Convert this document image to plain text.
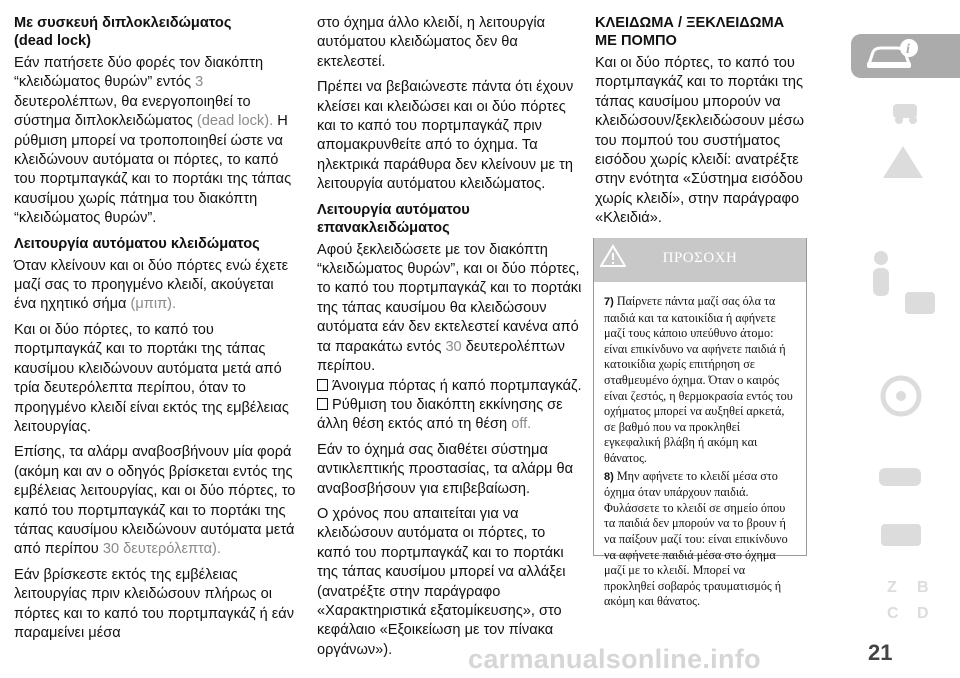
Με συσκευή διπλοκλειδώματος
(dead lock)

Εάν πατήσετε δύο φορές τον διακόπτη “κλειδώματος θυρών” εντός 3 δευτερολέπτων, θα ενεργοποιηθεί το σύστημα διπλοκλειδώματος (dead lock). Η ρύθμιση μπορεί να τροποποιηθεί ώστε να κλειδώνουν αυτόματα οι πόρτες, το καπό του πορτμπαγκάζ και το πορτάκι της τάπας καυσίμου χωρίς πάτημα του διακόπτη “κλειδώματος θυρών”.

Λειτουργία αυτόματου κλειδώματος

Όταν κλείνουν και οι δύο πόρτες ενώ έχετε μαζί σας το προηγμένο κλειδί, ακούγεται ένα ηχητικό σήμα (μπιπ).

Και οι δύο πόρτες, το καπό του πορτμπαγκάζ και το πορτάκι της τάπας καυσίμου κλειδώνουν αυτόματα μετά από τρία δευτερόλεπτα περίπου, όταν το προηγμένο κλειδί είναι εκτός της εμβέλειας λειτουργίας.

Επίσης, τα αλάρμ αναβοσβήνουν μία φορά (ακόμη και αν ο οδηγός βρίσκεται εντός της εμβέλειας λειτουργίας, και οι δύο πόρτες, το καπό του πορτμπαγκάζ και το πορτάκι της τάπας καυσίμου κλειδώνουν αυτόματα μετά από περίπου 30 δευτερόλεπτα).

Εάν βρίσκεστε εκτός της εμβέλειας λειτουργίας πριν κλειδώσουν πλήρως οι πόρτες και το καπό του πορτμπαγκάζ ή εάν παραμείνει μέσα

στο όχημα άλλο κλειδί, η λειτουργία αυτόματου κλειδώματος δεν θα εκτελεστεί.

Πρέπει να βεβαιώνεστε πάντα ότι έχουν κλείσει και κλειδώσει και οι δύο πόρτες και το καπό του πορτμπαγκάζ πριν απομακρυνθείτε από το όχημα. Τα ηλεκτρικά παράθυρα δεν κλείνουν με τη λειτουργία αυτόματου κλειδώματος.

Λειτουργία αυτόματου επανακλειδώματος

Αφού ξεκλειδώσετε με τον διακόπτη “κλειδώματος θυρών”, και οι δύο πόρτες, το καπό του πορτμπαγκάζ και το πορτάκι της τάπας καυσίμου θα κλειδώσουν αυτόματα εάν δεν εκτελεστεί κανένα από τα παρακάτω εντός 30 δευτερολέπτων περίπου.

Άνοιγμα πόρτας ή καπό πορτμπαγκάζ.

Ρύθμιση του διακόπτη εκκίνησης σε άλλη θέση εκτός από τη θέση off.

Εάν το όχημά σας διαθέτει σύστημα αντικλεπτικής προστασίας, τα αλάρμ θα αναβοσβήσουν για επιβεβαίωση.

Ο χρόνος που απαιτείται για να κλειδώσουν αυτόματα οι πόρτες, το καπό του πορτμπαγκάζ και το πορτάκι της τάπας καυσίμου μπορεί να αλλάξει (ανατρέξτε στην παράγραφο «Χαρακτηριστικά εξατομίκευσης», στο κεφάλαιο «Εξοικείωση με τον πίνακα οργάνων»).

ΚΛΕΙΔΩΜΑ / ΞΕΚΛΕΙΔΩΜΑ ΜΕ ΠΟΜΠΟ

Και οι δύο πόρτες, το καπό του πορτμπαγκάζ και το πορτάκι της τάπας καυσίμου μπορούν να κλειδώσουν/ξεκλειδώσουν μέσω του πομπού του συστήματος εισόδου χωρίς κλειδί: ανατρέξτε στην ενότητα «Σύστημα εισόδου χωρίς κλειδί», στην παράγραφο «Κλειδιά».

ΠΡΟΣΟΧΗ

7) Παίρνετε πάντα μαζί σας όλα τα παιδιά και τα κατοικίδια ή αφήνετε μαζί τους κάποιο υπεύθυνο άτομο: είναι επικίνδυνο να αφήνετε παιδιά ή κατοικίδια χωρίς επιτήρηση σε σταθμευμένο όχημα. Όταν ο καιρός είναι ζεστός, η θερμοκρασία εντός του οχήματος μπορεί να αυξηθεί αρκετά, σε βαθμό που να προκληθεί εγκεφαλική βλάβη ή ακόμη και θάνατος.

8) Μην αφήνετε το κλειδί μέσα στο όχημα όταν υπάρχουν παιδιά. Φυλάσσετε το κλειδί σε σημείο όπου τα παιδιά δεν μπορούν να το βρουν ή να παίξουν μαζί του: είναι επικίνδυνο να αφήνετε παιδιά μέσα στο όχημα μαζί με το κλειδί. Μπορεί να προκληθεί σοβαρός τραυματισμός ή ακόμη και θάνατος.

i
Z B
C D
21
carmanualsonline.info
